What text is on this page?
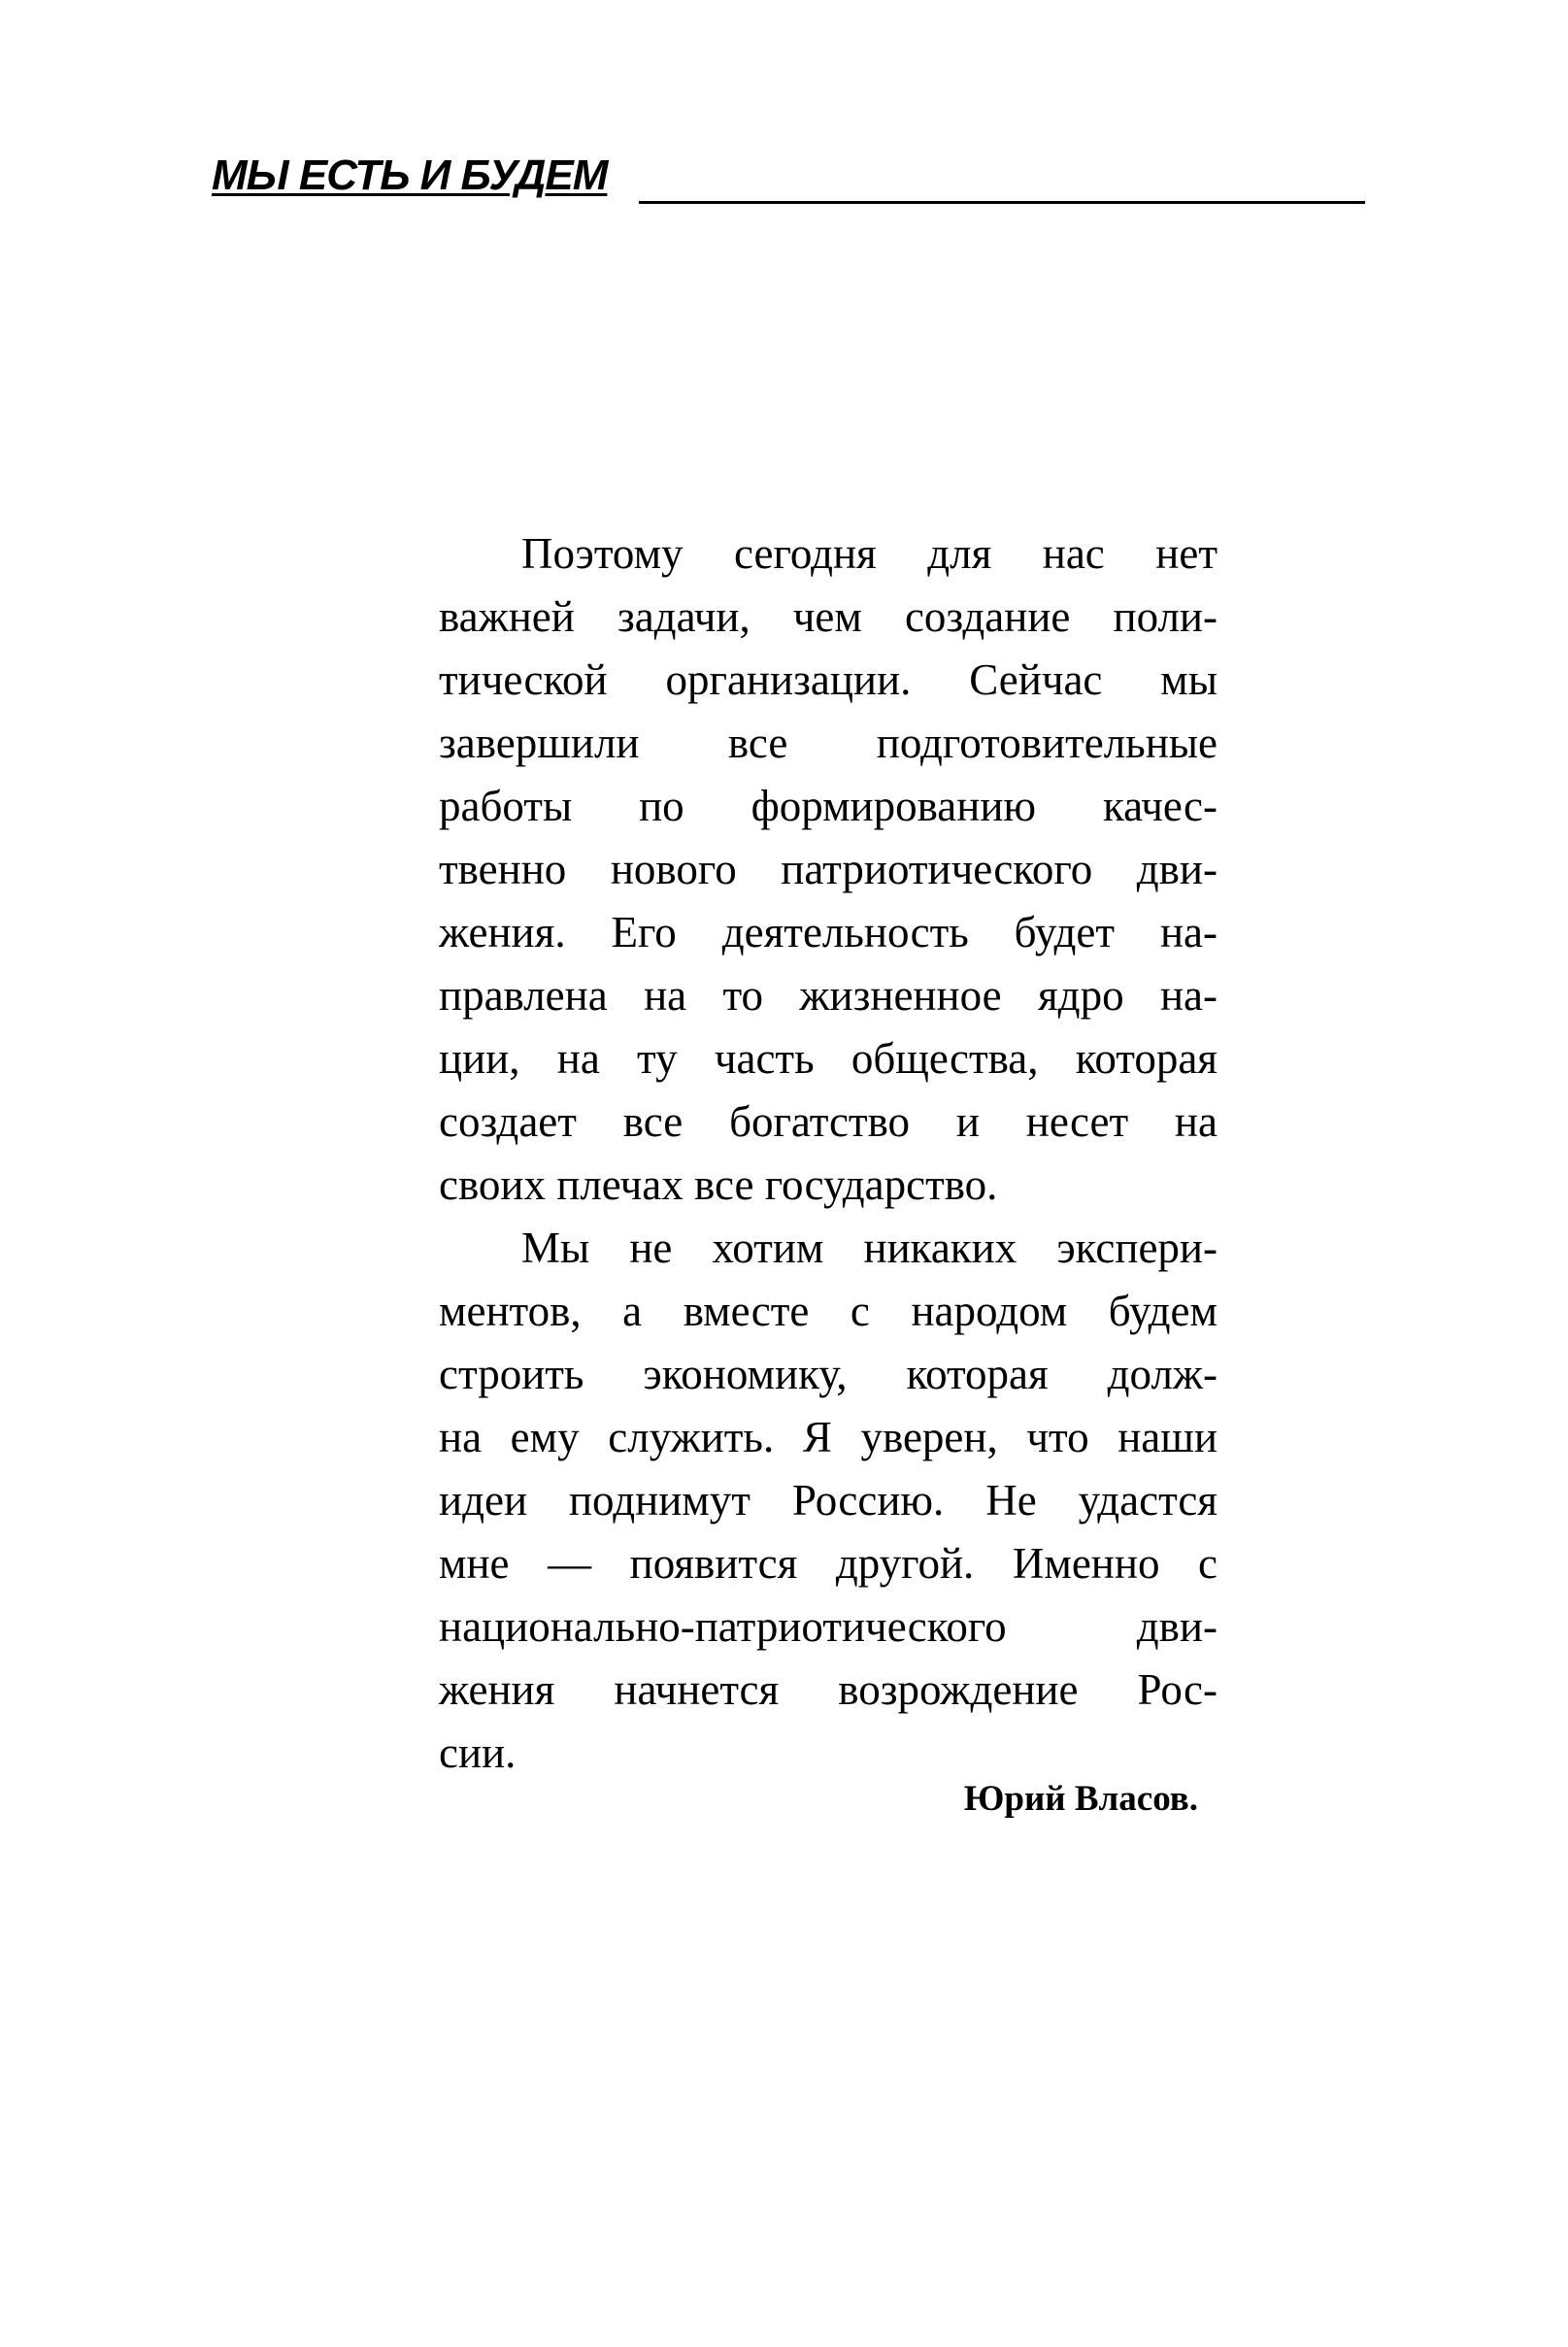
МЫ ЕСТЬ И БУДЕМ
Поэтому сегодня для нас нет
важней задачи, чем создание поли-
тической организации. Сейчас мы
завершили все подготовительные
работы по формированию качес-
твенно нового патриотического дви-
жения. Его деятельность будет на-
правлена на то жизненное ядро на-
ции, на ту часть общества, которая
создает все богатство и несет на
своих плечах все государство.
Мы не хотим никаких экспери-
ментов, а вместе с народом будем
строить экономику, которая долж-
на ему служить. Я уверен, что наши
идеи поднимут Россию. Не удастся
мне — появится другой. Именно с
национально-патриотического дви-
жения начнется возрождение Рос-
сии.
Юрий Власов.
